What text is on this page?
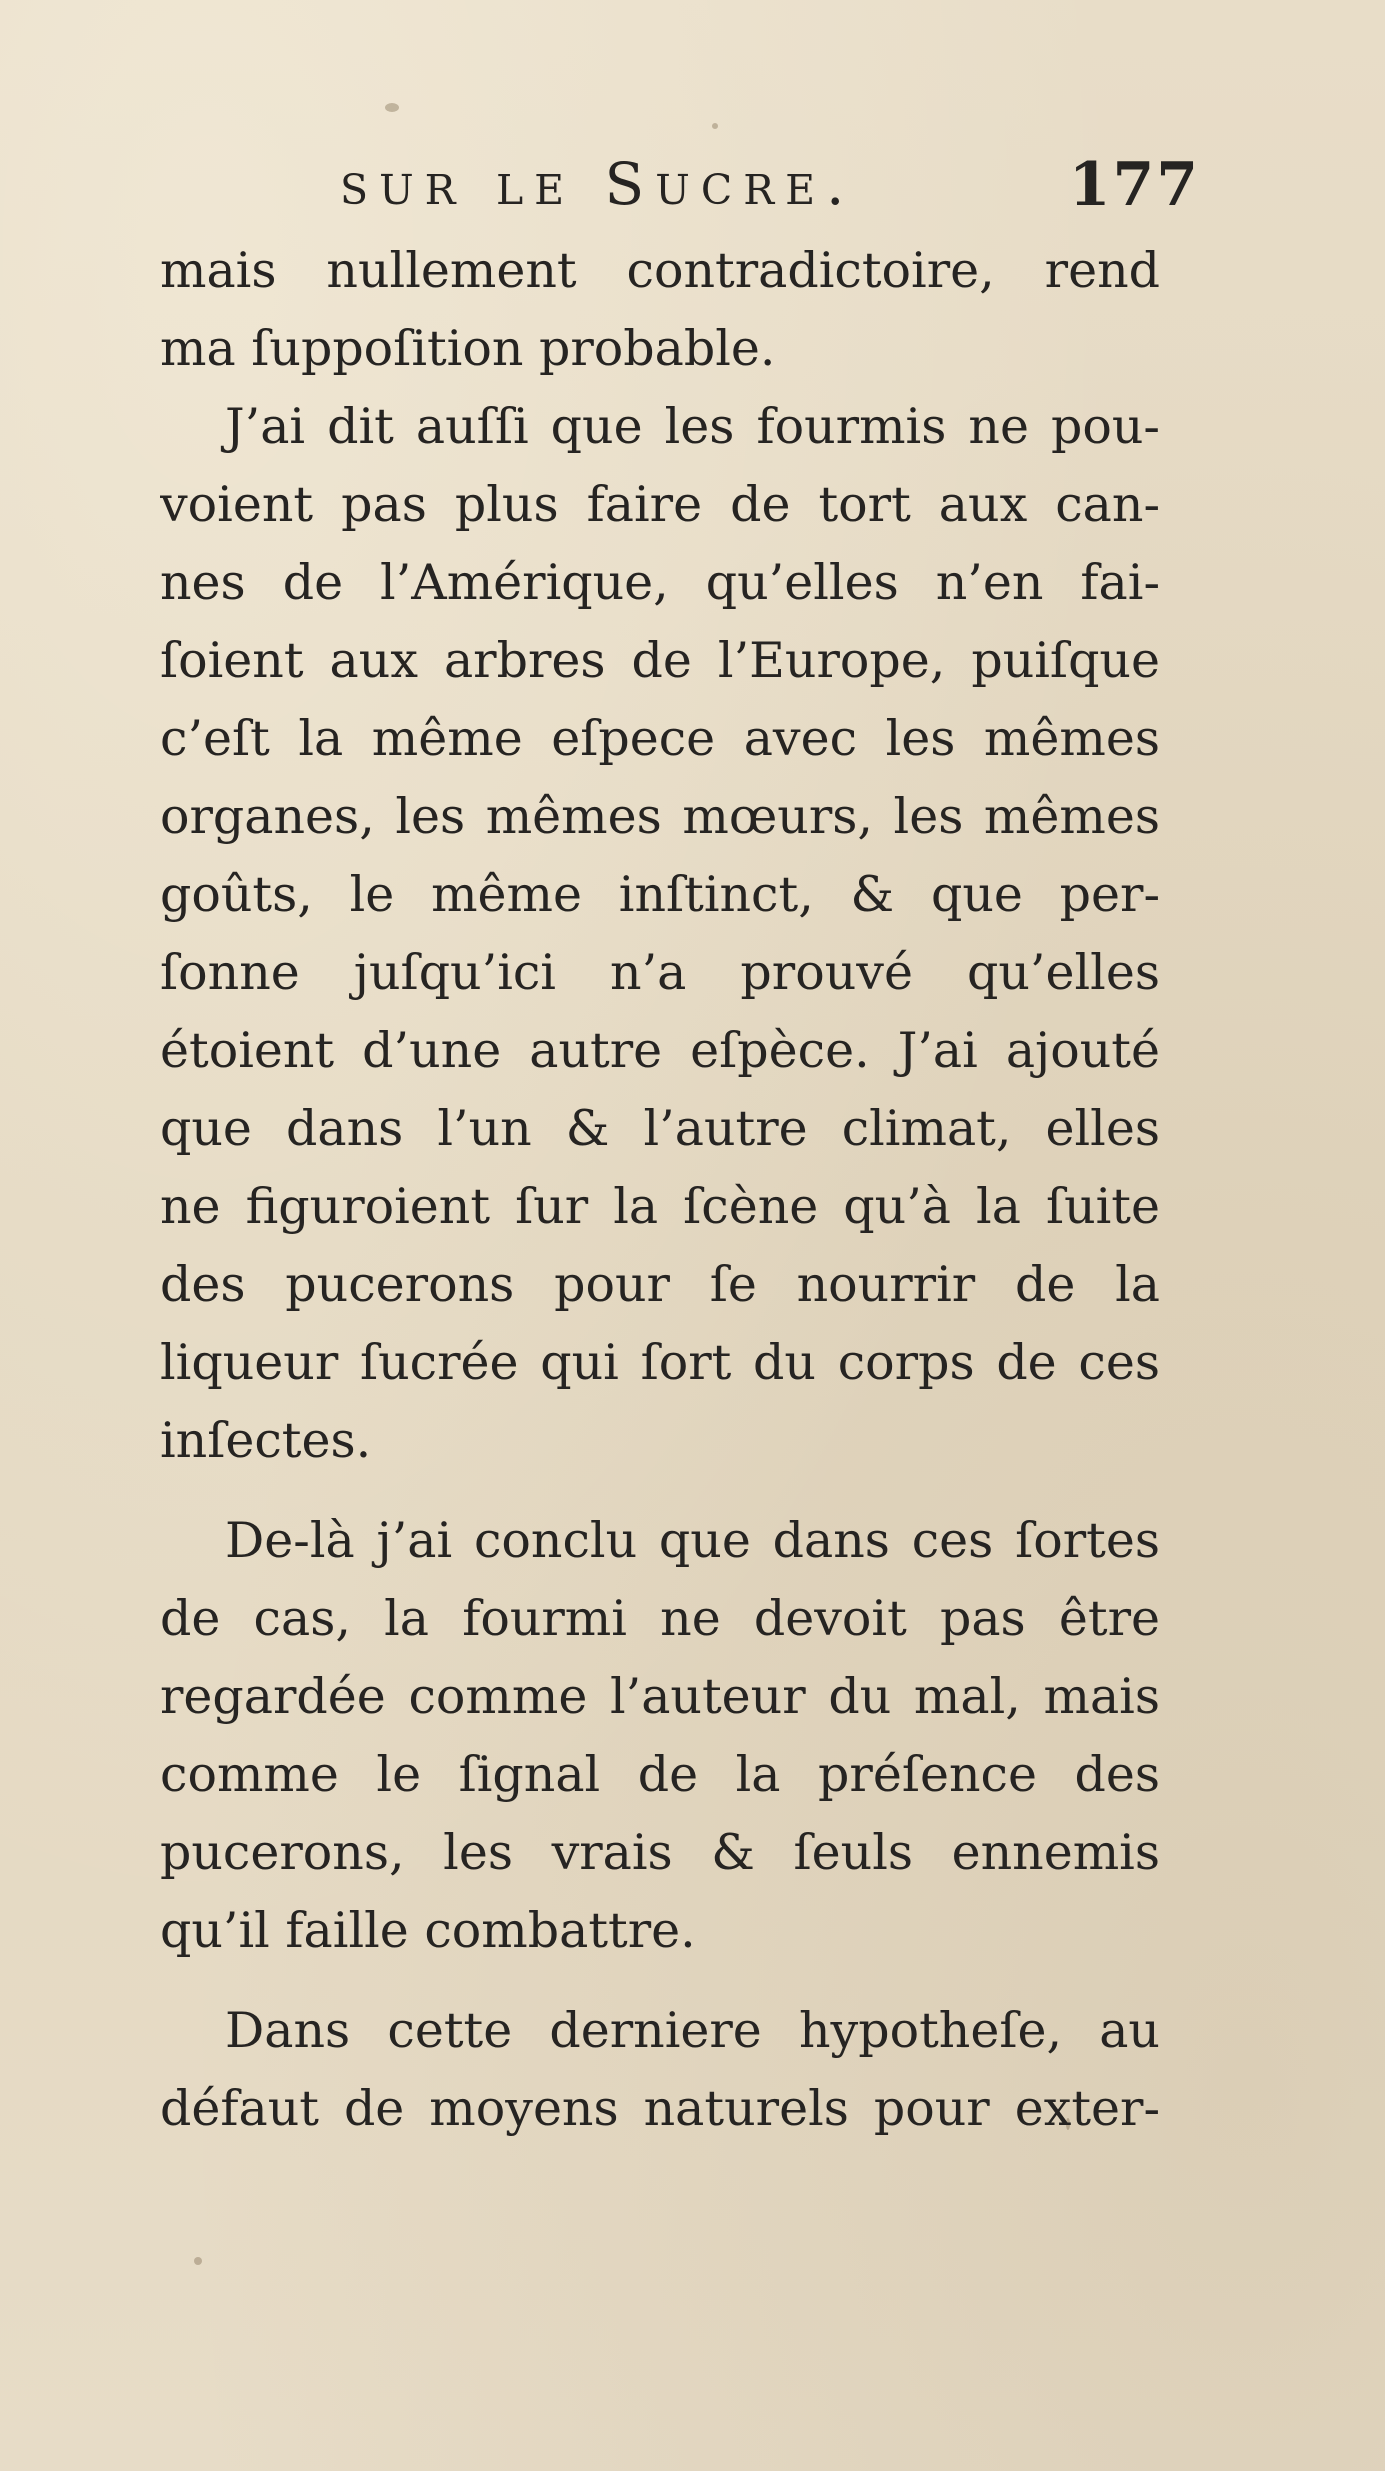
sur le Sucre.	177
mais nullement contradictoire, rend
ma ſuppoſition probable.
J’ai dit auſſi que les fourmis ne pou-
voient pas plus faire de tort aux can-
nes de l’Amérique, qu’elles n’en fai-
ſoient aux arbres de l’Europe, puiſque
c’eſt la même eſpece avec les mêmes
organes, les mêmes mœurs, les mêmes
goûts, le même inſtinct, & que per-
ſonne juſqu’ici n’a prouvé qu’elles
étoient d’une autre eſpèce. J’ai ajouté
que dans l’un & l’autre climat, elles
ne figuroient ſur la ſcène qu’à la ſuite
des pucerons pour ſe nourrir de la
liqueur ſucrée qui ſort du corps de ces
inſectes.
De-là j’ai conclu que dans ces ſortes
de cas, la fourmi ne devoit pas être
regardée comme l’auteur du mal, mais
comme le ſignal de la préſence des
pucerons, les vrais & ſeuls ennemis
qu’il faille combattre.
Dans cette derniere hypotheſe, au
défaut de moyens naturels pour exter-
